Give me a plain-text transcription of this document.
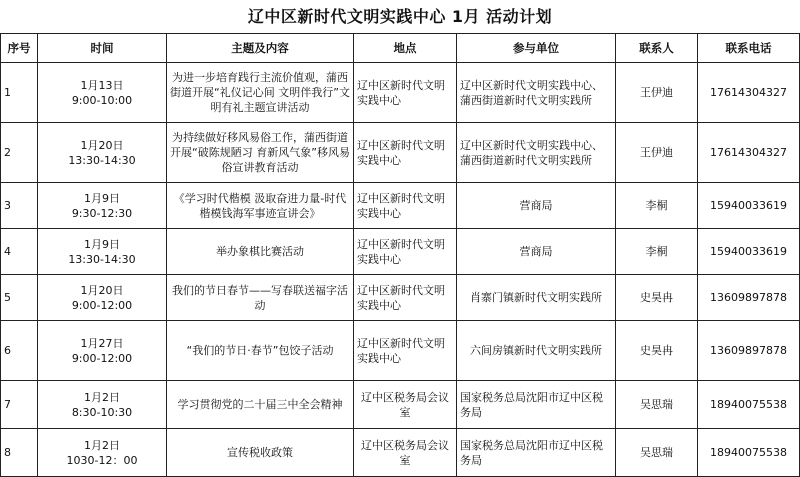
辽中区新时代文明实践中心 1月 活动计划
序号	时间	主题及内容	地点	参与单位	联系人	联系电话
1	1月13日
9:00-10:00	为进一步培育践行主流价值观，蒲西街道开展“礼仪记心间 文明伴我行”文明有礼主题宣讲活动	辽中区新时代文明实践中心	辽中区新时代文明实践中心、蒲西街道新时代文明实践所	王伊迪	17614304327
2	1月20日
13:30-14:30	为持续做好移风易俗工作，蒲西街道开展“破陈规陋习 育新风气象”移风易俗宣讲教育活动	辽中区新时代文明实践中心	辽中区新时代文明实践中心、蒲西街道新时代文明实践所	王伊迪	17614304327
3	1月9日
9:30-12:30	《学习时代楷模 汲取奋进力量-时代楷模钱海军事迹宣讲会》	辽中区新时代文明实践中心	营商局	李桐	15940033619
4	1月9日
13:30-14:30	举办象棋比赛活动	辽中区新时代文明实践中心	营商局	李桐	15940033619
5	1月20日
9:00-12:00	我们的节日春节——写春联送福字活动	辽中区新时代文明实践中心	肖寨门镇新时代文明实践所	史昊冉	13609897878
6	1月27日
9:00-12:00	“我们的节日·春节”包饺子活动	辽中区新时代文明实践中心	六间房镇新时代文明实践所	史昊冉	13609897878
7	1月2日
8:30-10:30	学习贯彻党的二十届三中全会精神	辽中区税务局会议室	国家税务总局沈阳市辽中区税务局	吴思瑞	18940075538
8	1月2日
1030-12：00	宣传税收政策	辽中区税务局会议室	国家税务总局沈阳市辽中区税务局	吴思瑞	18940075538
